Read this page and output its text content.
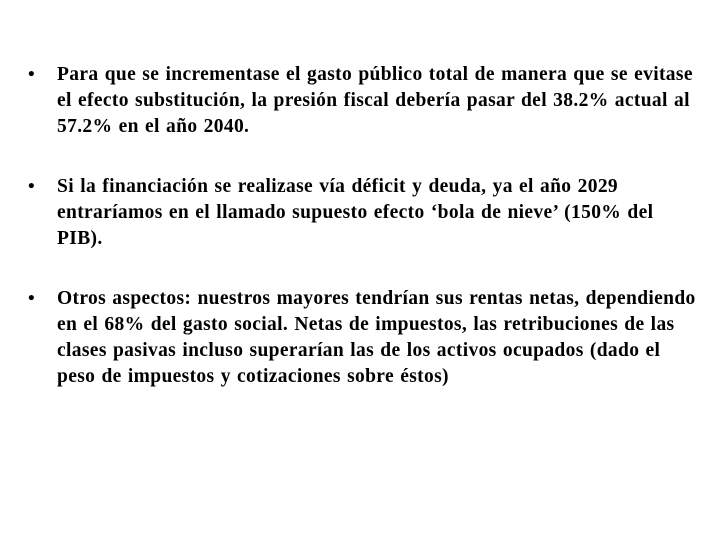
•	Para que se incrementase el gasto público total de manera que se evitase el efecto substitución, la presión fiscal debería pasar del 38.2% actual al 57.2% en el año 2040.
•	Si la financiación se realizase vía déficit y deuda, ya el año 2029 entraríamos en el llamado supuesto efecto ‘bola de nieve’ (150% del PIB).
•	Otros aspectos: nuestros mayores tendrían sus rentas netas, dependiendo en el 68% del gasto social. Netas de impuestos, las retribuciones de las clases pasivas incluso superarían las de los activos ocupados (dado el peso de impuestos y cotizaciones sobre éstos)
